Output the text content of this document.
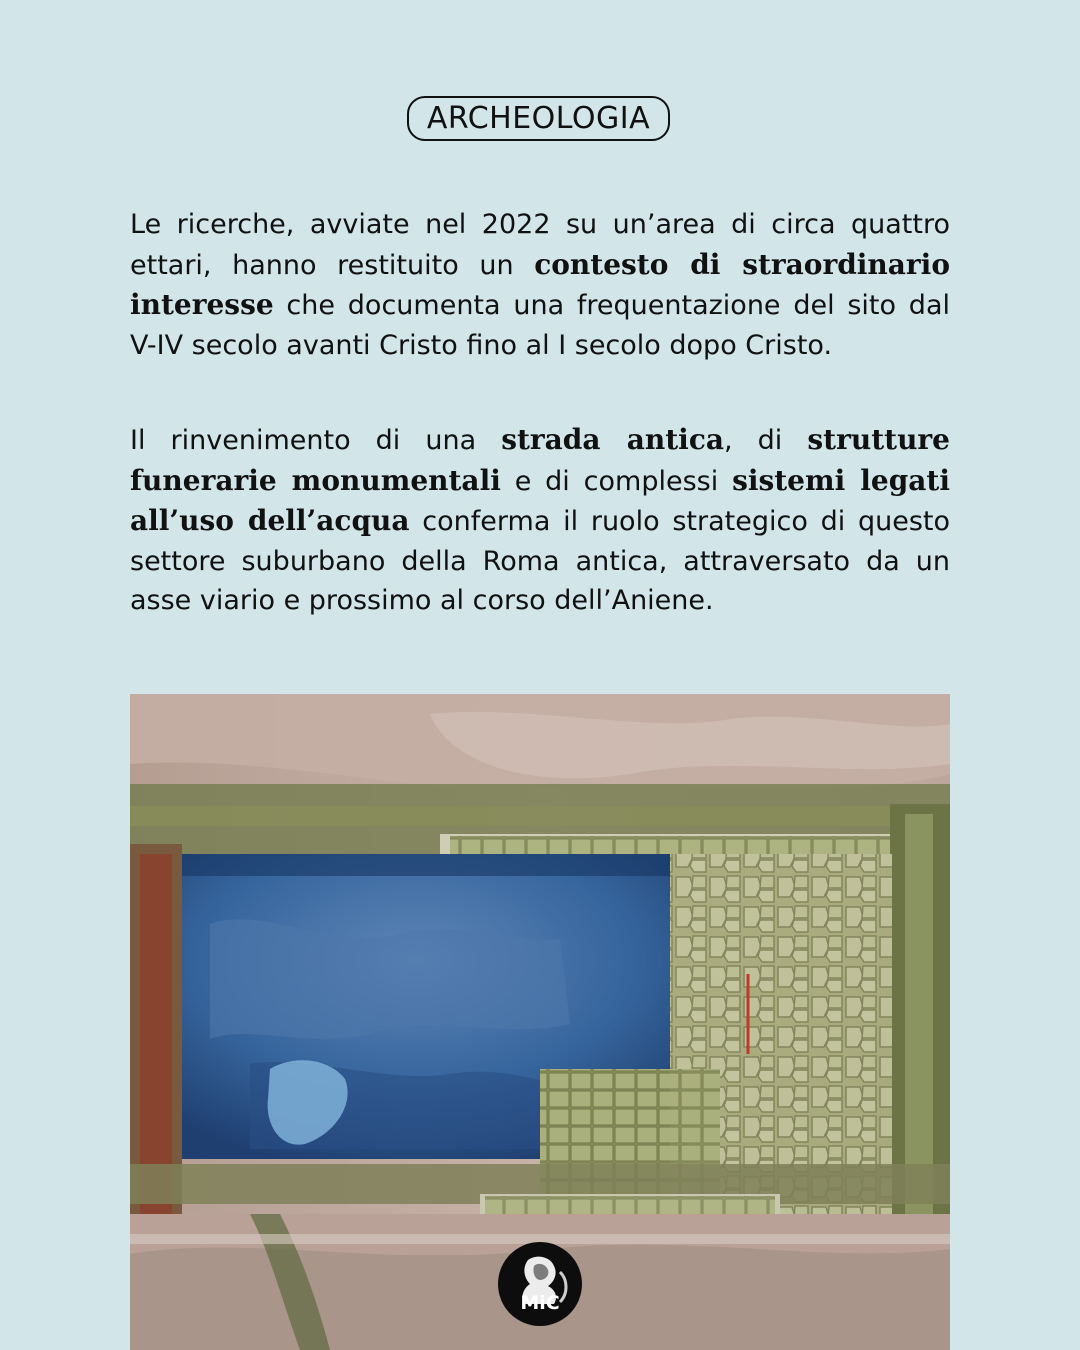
ARCHEOLOGIA

Le ricerche, avviate nel 2022 su un’area di circa quattro ettari, hanno restituito un contesto di straordinario interesse che documenta una frequentazione del sito dal V-IV secolo avanti Cristo fino al I secolo dopo Cristo.

Il rinvenimento di una strada antica, di strutture funerarie monumentali e di complessi sistemi legati all’uso dell’acqua conferma il ruolo strategico di questo settore suburbano della Roma antica, attraversato da un asse viario e prossimo al corso dell’Aniene.

MiC
